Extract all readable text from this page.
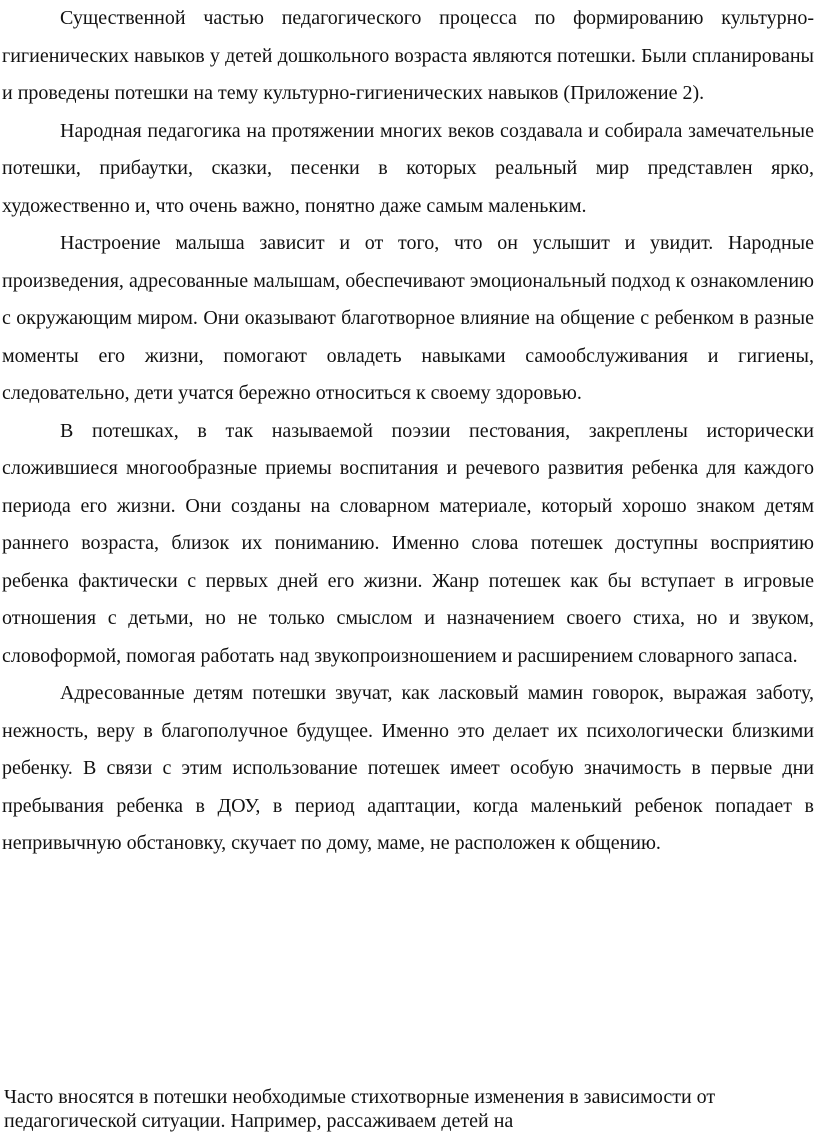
Существенной частью педагогического процесса по формированию культурно-гигиенических навыков у детей дошкольного возраста являются потешки. Были спланированы и проведены потешки на тему культурно-гигиенических навыков (Приложение 2).

Народная педагогика на протяжении многих веков создавала и собирала замечательные потешки, прибаутки, сказки, песенки в которых реальный мир представлен ярко, художественно и, что очень важно, понятно даже самым маленьким.

Настроение малыша зависит и от того, что он услышит и увидит. Народные произведения, адресованные малышам, обеспечивают эмоциональный подход к ознакомлению с окружающим миром. Они оказывают благотворное влияние на общение с ребенком в разные моменты его жизни, помогают овладеть навыками самообслуживания и гигиены, следовательно, дети учатся бережно относиться к своему здоровью.

В потешках, в так называемой поэзии пестования, закреплены исторически сложившиеся многообразные приемы воспитания и речевого развития ребенка для каждого периода его жизни. Они созданы на словарном материале, который хорошо знаком детям раннего возраста, близок их пониманию. Именно слова потешек доступны восприятию ребенка фактически с первых дней его жизни. Жанр потешек как бы вступает в игровые отношения с детьми, но не только смыслом и назначением своего стиха, но и звуком, словоформой, помогая работать над звукопроизношением и расширением словарного запаса.

Адресованные детям потешки звучат, как ласковый мамин говорок, выражая заботу, нежность, веру в благополучное будущее. Именно это делает их психологически близкими ребенку. В связи с этим использование потешек имеет особую значимость в первые дни пребывания ребенка в ДОУ, в период адаптации, когда маленький ребенок попадает в непривычную обстановку, скучает по дому, маме, не расположен к общению.

Часто вносятся в потешки необходимые стихотворные изменения в зависимости от педагогической ситуации. Например, рассаживаем детей на
